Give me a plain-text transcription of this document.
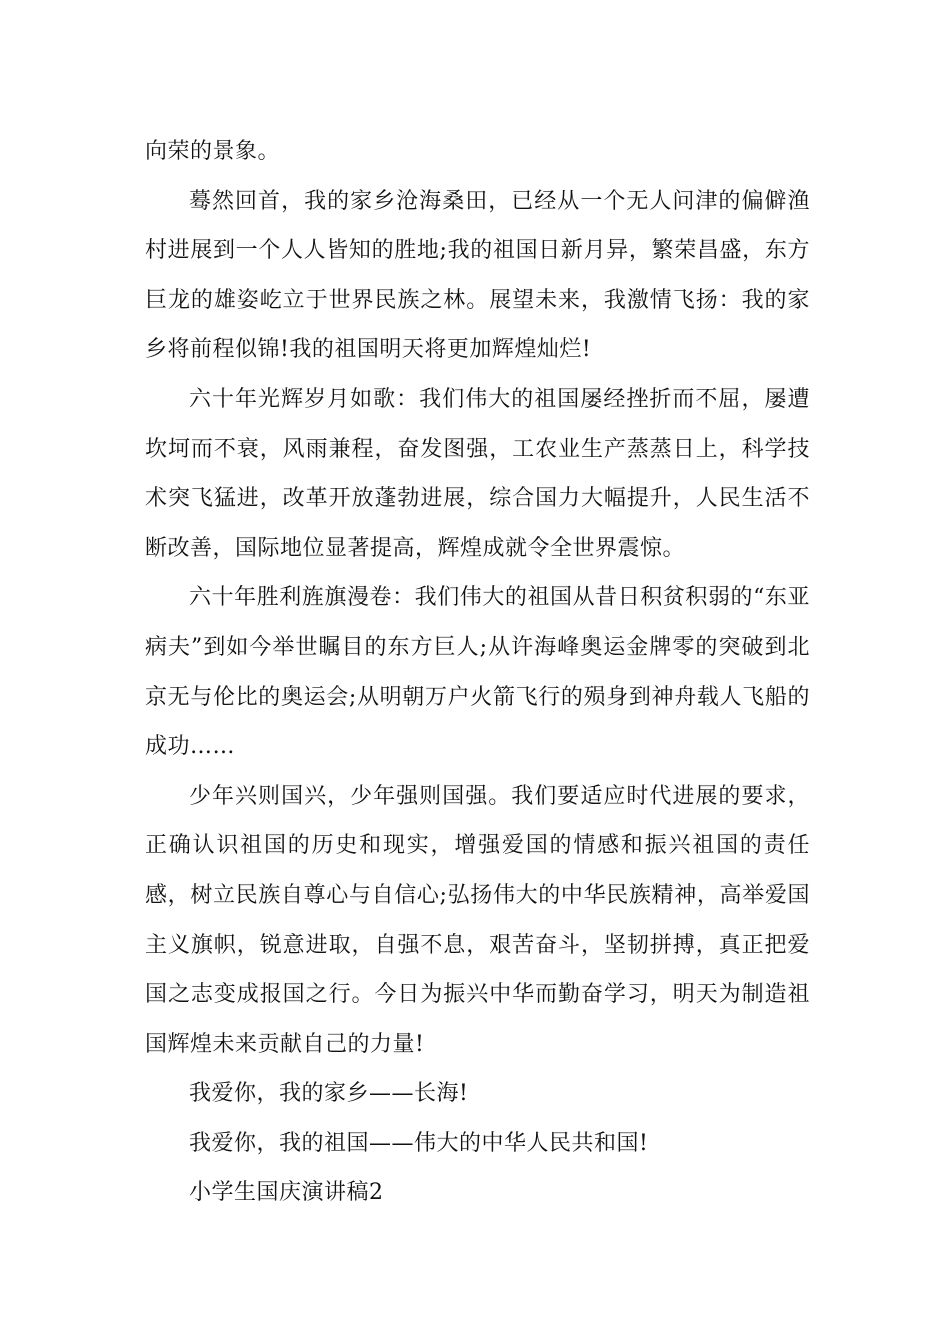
向荣的景象。

蓦然回首，我的家乡沧海桑田，已经从一个无人问津的偏僻渔村进展到一个人人皆知的胜地;我的祖国日新月异，繁荣昌盛，东方巨龙的雄姿屹立于世界民族之林。展望未来，我激情飞扬：我的家乡将前程似锦!我的祖国明天将更加辉煌灿烂!

六十年光辉岁月如歌：我们伟大的祖国屡经挫折而不屈，屡遭坎坷而不衰，风雨兼程，奋发图强，工农业生产蒸蒸日上，科学技术突飞猛进，改革开放蓬勃进展，综合国力大幅提升，人民生活不断改善，国际地位显著提高，辉煌成就令全世界震惊。

六十年胜利旌旗漫卷：我们伟大的祖国从昔日积贫积弱的“东亚病夫”到如今举世瞩目的东方巨人;从许海峰奥运金牌零的突破到北京无与伦比的奥运会;从明朝万户火箭飞行的殒身到神舟载人飞船的成功……

少年兴则国兴，少年强则国强。我们要适应时代进展的要求，正确认识祖国的历史和现实，增强爱国的情感和振兴祖国的责任感，树立民族自尊心与自信心;弘扬伟大的中华民族精神，高举爱国主义旗帜，锐意进取，自强不息，艰苦奋斗，坚韧拼搏，真正把爱国之志变成报国之行。今日为振兴中华而勤奋学习，明天为制造祖国辉煌未来贡献自己的力量!

我爱你，我的家乡——长海!

我爱你，我的祖国——伟大的中华人民共和国!

小学生国庆演讲稿2
